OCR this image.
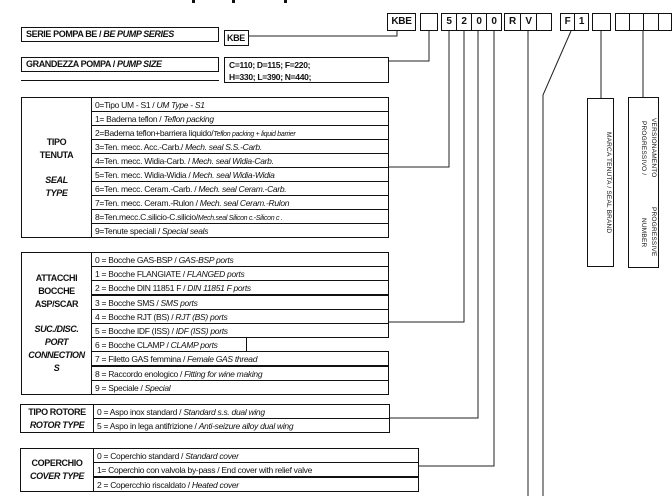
KBE	5 2 0 0	R V	F 1
SERIE POMPA BE /
BE PUMP SERIES	KBE
GRANDEZZA POMPA /
PUMP SIZE	C=110; D=115; F=220;
H=330; L=390; N=440;
TIPO
TENUTA
SEAL
TYPE
0=Tipo UM - S1 / UM Type - S1
1= Baderna teflon / Teflon packing
2=Baderna teflon+barriera liquido/Teflon packing + liquid barrier
3=Ten. mecc. Acc.-Carb./ Mech. seal S.S.-Carb.
4=Ten. mecc. Widia-Carb. / Mech. seal Widia-Carb.
5=Ten. mecc. Widia-Widia / Mech. seal Widia-Widia
6=Ten. mecc. Ceram.-Carb. / Mech. seal Ceram.-Carb.
7=Ten. mecc. Ceram.-Rulon / Mech. seal Ceram.-Rulon
8=Ten.mecc.C.silicio-C.silicio/Mech.seal Silicon c.-Silicon c .
9=Tenute speciali / Special seals
ATTACCHI
BOCCHE
ASP/SCAR
SUC./DISC.
PORT
CONNECTION
S
0 = Bocche GAS-BSP / GAS-BSP ports
1 = Bocche FLANGIATE / FLANGED ports
2 = Bocche DIN 11851 F / DIN 11851 F ports
3 = Bocche SMS / SMS ports
4 = Bocche RJT (BS) / RJT (BS) ports
5 = Bocche IDF (ISS) / IDF (ISS) ports
6 = Bocche CLAMP / CLAMP ports
7 = Filetto GAS femmina / Female GAS thread
8 = Raccordo enologico / Fitting for wine making
9 = Speciale / Special
TIPO ROTORE
ROTOR TYPE
0 = Aspo inox standard / Standard s.s. dual wing
5 = Aspo in lega antifrizione / Anti-seizure alloy dual wing
COPERCHIO
COVER TYPE
0 = Coperchio standard / Standard cover
1= Coperchio con valvola by-pass / End cover with relief valve
2 = Copercchio riscaldato / Heated cover
MARCA TENUTA / SEAL BRAND	VERSIONAMENTO PROGRESSIVO /
PROGRESSIVE NUMBER
